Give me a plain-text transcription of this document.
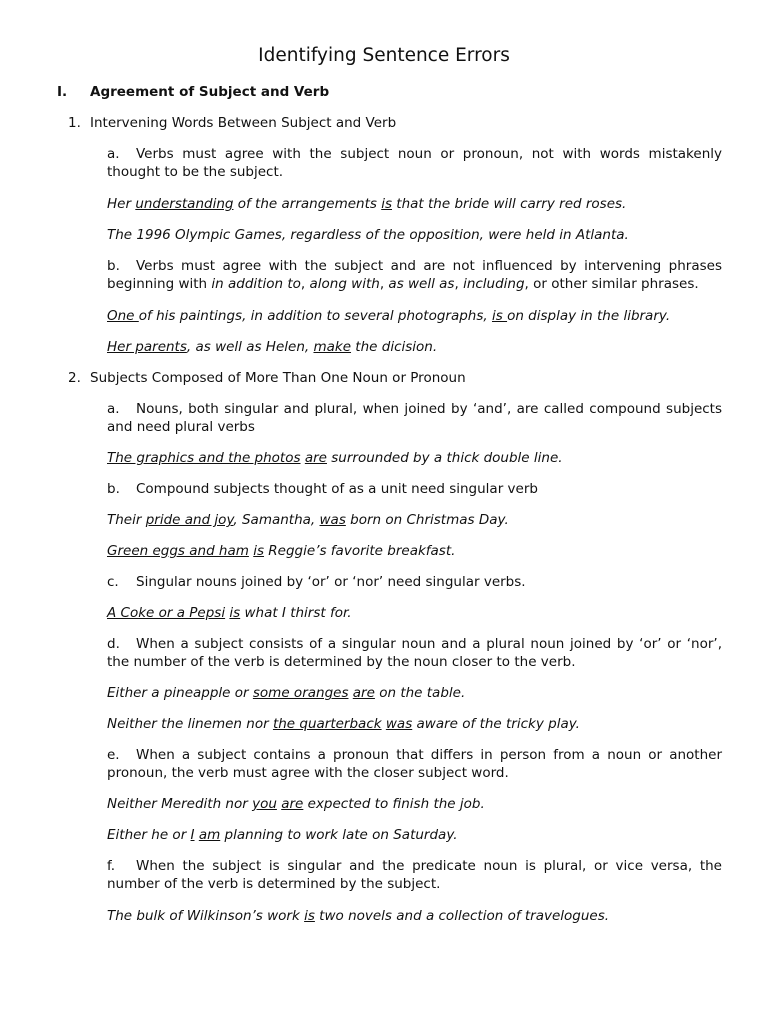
Identifying Sentence Errors
I. Agreement of Subject and Verb
1. Intervening Words Between Subject and Verb
a. Verbs must agree with the subject noun or pronoun, not with words mistakenly thought to be the subject.
Her understanding of the arrangements is that the bride will carry red roses.
The 1996 Olympic Games, regardless of the opposition, were held in Atlanta.
b. Verbs must agree with the subject and are not influenced by intervening phrases beginning with in addition to, along with, as well as, including, or other similar phrases.
One of his paintings, in addition to several photographs, is on display in the library.
Her parents, as well as Helen, make the dicision.
2. Subjects Composed of More Than One Noun or Pronoun
a. Nouns, both singular and plural, when joined by ‘and’, are called compound subjects and need plural verbs
The graphics and the photos are surrounded by a thick double line.
b. Compound subjects thought of as a unit need singular verb
Their pride and joy, Samantha, was born on Christmas Day.
Green eggs and ham is Reggie’s favorite breakfast.
c. Singular nouns joined by ‘or’ or ‘nor’ need singular verbs.
A Coke or a Pepsi is what I thirst for.
d. When a subject consists of a singular noun and a plural noun joined by ‘or’ or ‘nor’, the number of the verb is determined by the noun closer to the verb.
Either a pineapple or some oranges are on the table.
Neither the linemen nor the quarterback was aware of the tricky play.
e. When a subject contains a pronoun that differs in person from a noun or another pronoun, the verb must agree with the closer subject word.
Neither Meredith nor you are expected to finish the job.
Either he or I am planning to work late on Saturday.
f. When the subject is singular and the predicate noun is plural, or vice versa, the number of the verb is determined by the subject.
The bulk of Wilkinson’s work is two novels and a collection of travelogues.
